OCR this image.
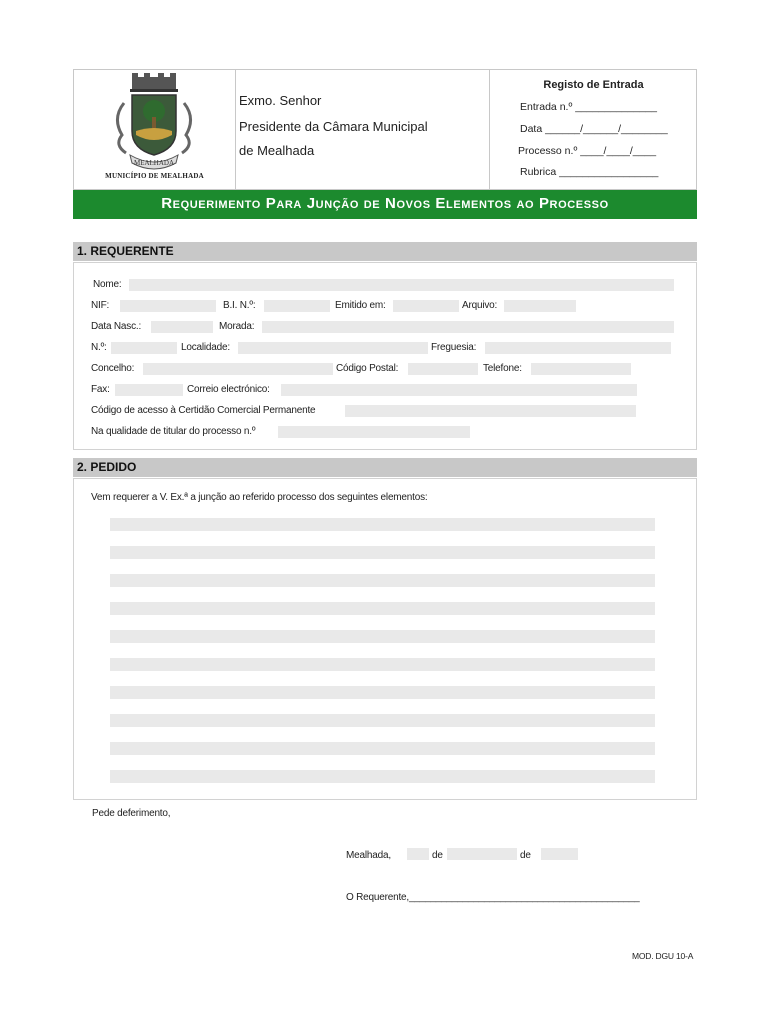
MEALHADA
MUNICÍPIO DE MEALHADA
Exmo. Senhor
Presidente da Câmara Municipal
de Mealhada
Registo de Entrada
Entrada n.º ______________
Data ______/______/________
Processo n.º ____/____/____
Rubrica _________________
Requerimento Para Junção de Novos Elementos ao Processo
1. REQUERENTE
Nome:
NIF:	B.I. N.º:	Emitido em:	Arquivo:
Data Nasc.:	Morada:
N.º:	Localidade:	Freguesia:
Concelho:	Código Postal:	Telefone:
Fax:	Correio electrónico:
Código de acesso à Certidão Comercial Permanente
Na qualidade de titular do processo n.º
2. PEDIDO
Vem requerer a V. Ex.ª a junção ao referido processo dos seguintes elementos:
Pede deferimento,
Mealhada,	de	de
O Requerente,___________________________________________
MOD. DGU 10-A
